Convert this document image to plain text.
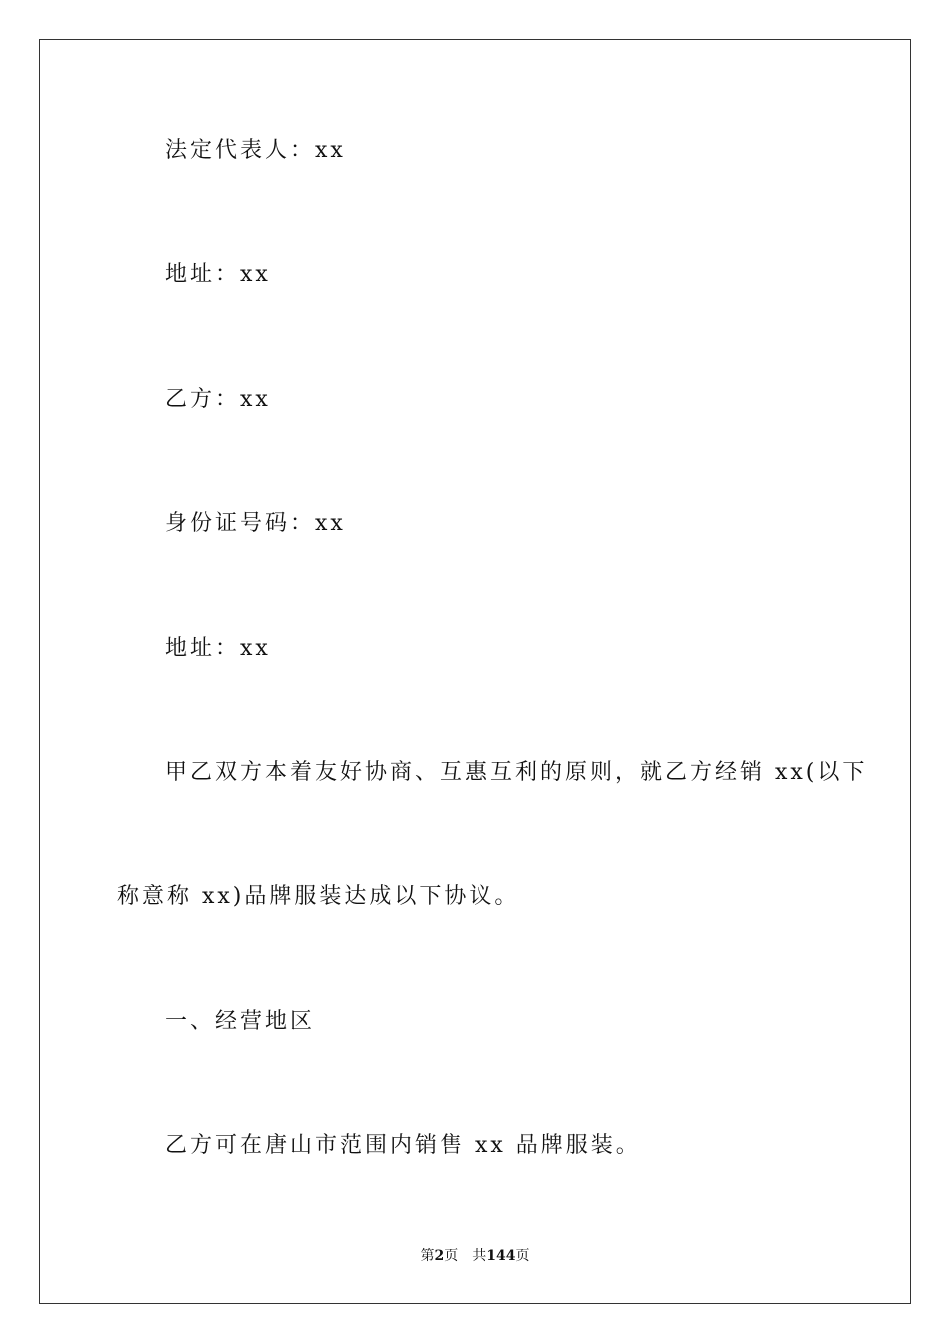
法定代表人：xx
地址：xx
乙方：xx
身份证号码：xx
地址：xx
甲乙双方本着友好协商、互惠互利的原则，就乙方经销 xx(以下
称意称 xx)品牌服装达成以下协议。
一、经营地区
乙方可在唐山市范围内销售 xx 品牌服装。
第2页 共144页
